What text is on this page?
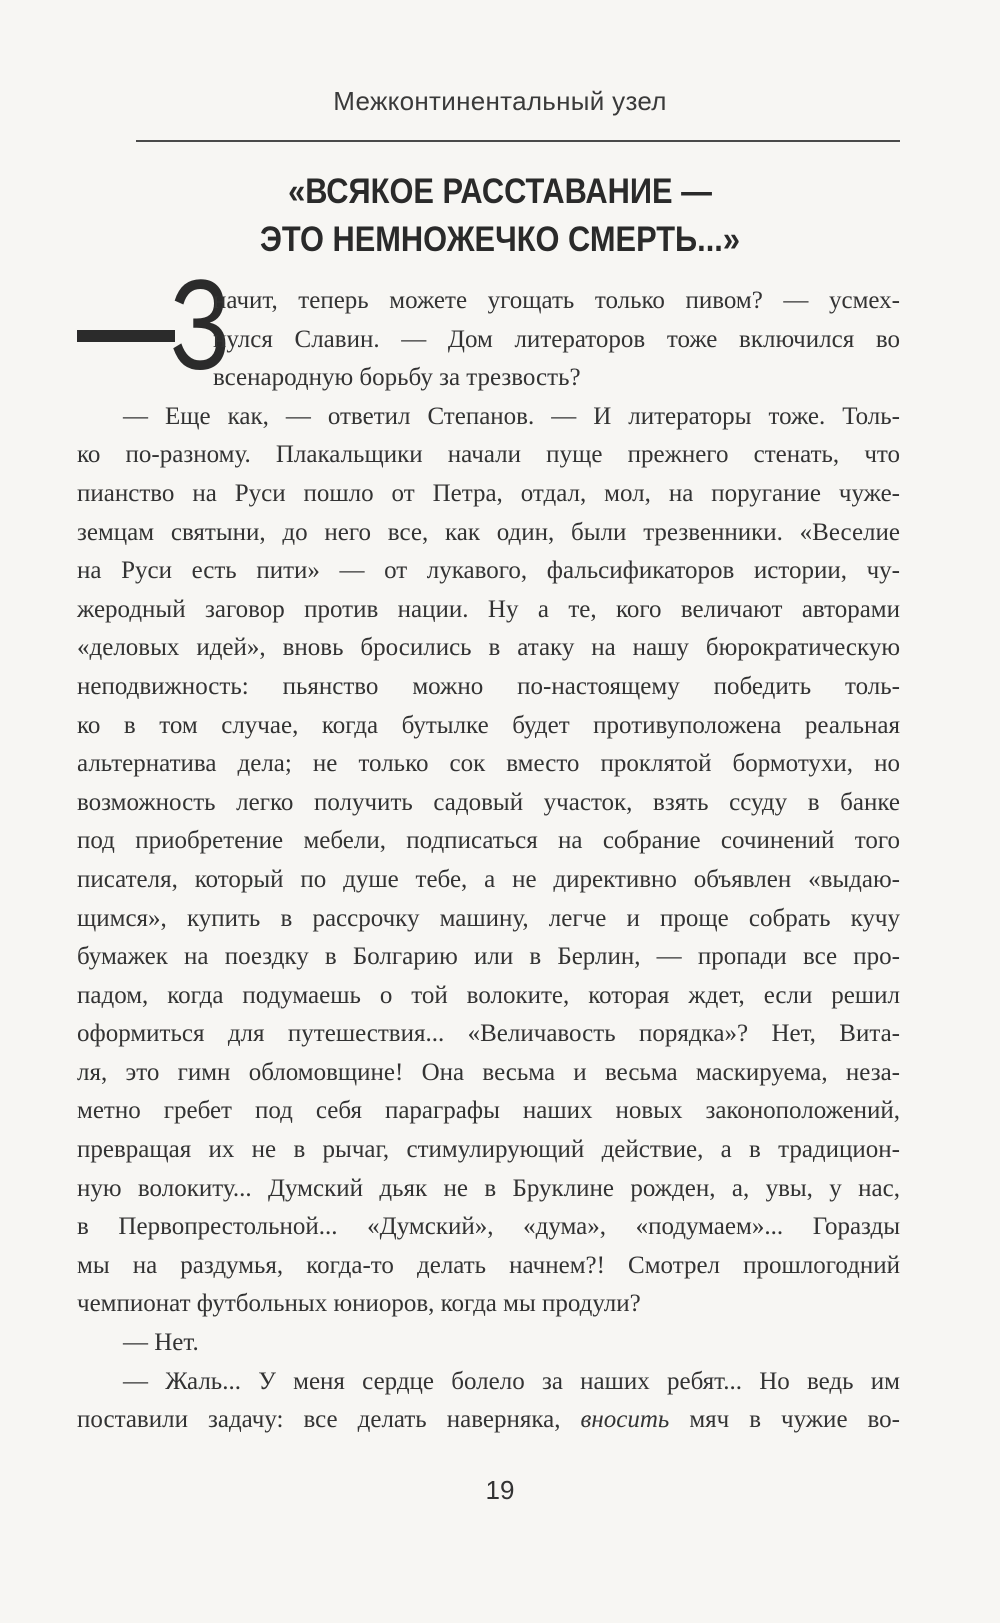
Межконтинентальный узел
«ВСЯКОЕ РАССТАВАНИЕ —
ЭТО НЕМНОЖЕЧКО СМЕРТЬ...»
З
начит, теперь можете угощать только пивом? — усмех-
нулся Славин. — Дом литераторов тоже включился во
всенародную борьбу за трезвость?
— Еще как, — ответил Степанов. — И литераторы тоже. Толь-
ко по-разному. Плакальщики начали пуще прежнего стенать, что
пианство на Руси пошло от Петра, отдал, мол, на поругание чуже-
земцам святыни, до него все, как один, были трезвенники. «Веселие
на Руси есть пити» — от лукавого, фальсификаторов истории, чу-
жеродный заговор против нации. Ну а те, кого величают авторами
«деловых идей», вновь бросились в атаку на нашу бюрократическую
неподвижность: пьянство можно по-настоящему победить толь-
ко в том случае, когда бутылке будет противуположена реальная
альтернатива дела; не только сок вместо проклятой бормотухи, но
возможность легко получить садовый участок, взять ссуду в банке
под приобретение мебели, подписаться на собрание сочинений того
писателя, который по душе тебе, а не директивно объявлен «выдаю-
щимся», купить в рассрочку машину, легче и проще собрать кучу
бумажек на поездку в Болгарию или в Берлин, — пропади все про-
падом, когда подумаешь о той волоките, которая ждет, если решил
оформиться для путешествия... «Величавость порядка»? Нет, Вита-
ля, это гимн обломовщине! Она весьма и весьма маскируема, неза-
метно гребет под себя параграфы наших новых законоположений,
превращая их не в рычаг, стимулирующий действие, а в традицион-
ную волокиту... Думский дьяк не в Бруклине рожден, а, увы, у нас,
в Первопрестольной... «Думский», «дума», «подумаем»... Горазды
мы на раздумья, когда-то делать начнем?! Смотрел прошлогодний
чемпионат футбольных юниоров, когда мы продули?
— Нет.
— Жаль... У меня сердце болело за наших ребят... Но ведь им
поставили задачу: все делать наверняка, вносить мяч в чужие во-
19
